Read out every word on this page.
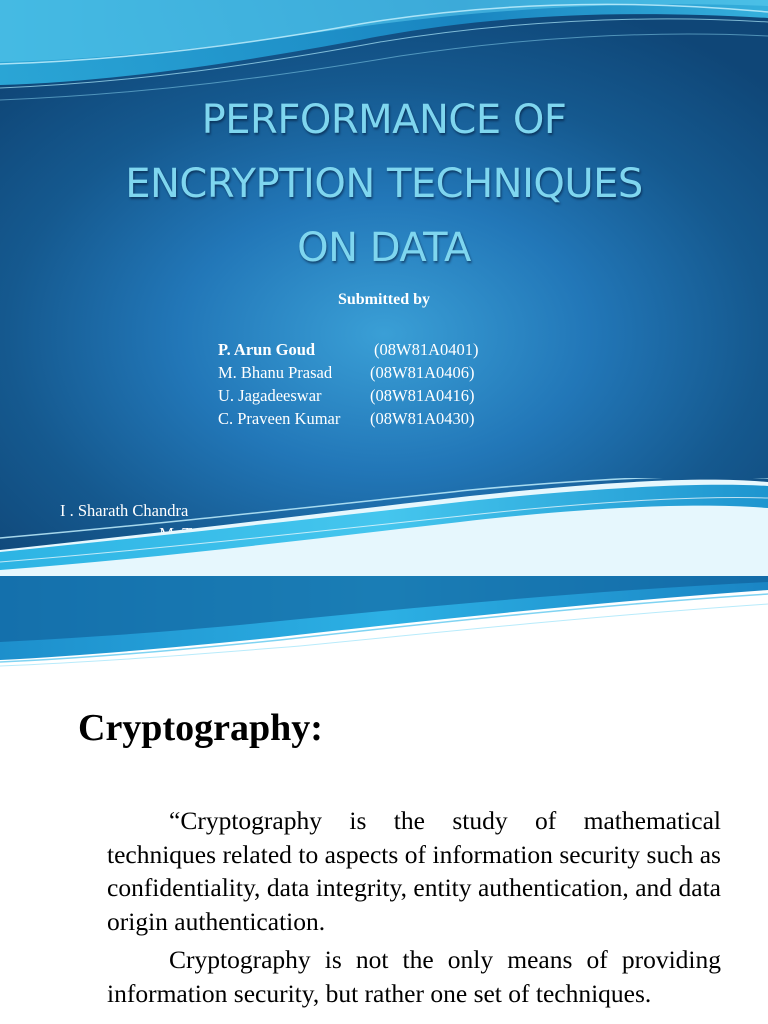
PERFORMANCE OF
ENCRYPTION TECHNIQUES
ON DATA
Submitted by
P. Arun Goud	(08W81A0401)
M. Bhanu Prasad	(08W81A0406)
U. Jagadeeswar	(08W81A0416)
C. Praveen Kumar	(08W81A0430)
I . Sharath Chandra
Cryptography:

“Cryptography is the study of mathematical techniques related to aspects of information security such as confidentiality, data integrity, entity authentication, and data origin authentication.

Cryptography is not the only means of providing information security, but rather one set of techniques.
